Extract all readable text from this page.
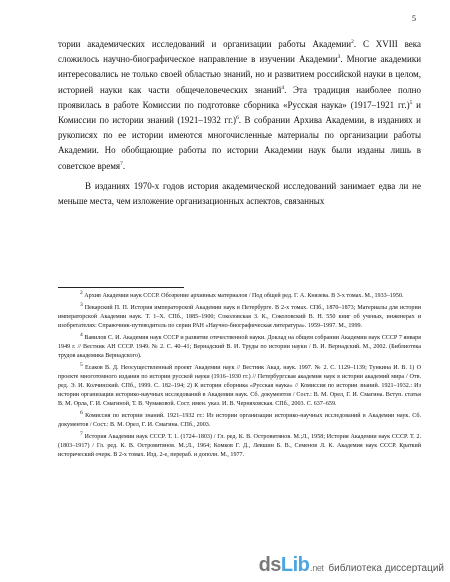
5

тории академических исследований и организации работы Академии$^2$. С XVIII века сложилось научно-биографическое направление в изучении Академии$^3$. Многие академики интересовались не только своей областью знаний, но и развитием российской науки в целом, историей науки как части общечеловеческих знаний$^4$. Эта традиция наиболее полно проявилась в работе Комиссии по подготовке сборника «Русская наука» (1917–1921 гг.)$^5$ и Комиссии по истории знаний (1921–1932 гг.)$^6$. В собрании Архива Академии, в изданиях и рукописях по ее истории имеются многочисленные материалы по организации работы Академии. Но обобщающие работы по истории Академии наук были изданы лишь в советское время$^7$.

В изданиях 1970-х годов история академической исследований занимает едва ли не меньше места, чем изложение организационных аспектов, связанных

$^2$ Архив Академии наук СССР. Обозрение архивных материалов / Под общей ред. Г. А. Князева. В 3-х томах. М., 1933–1950.

$^3$ Пекарский П. П. История императорской Академии наук в Петербурге. В 2-х томах. СПб., 1870–1873; Материалы для истории императорской Академии наук. Т. 1–Х. СПб., 1885–1900; Соколовская З. К., Соколовский В. Н. 550 книг об ученых, инженерах и изобретателях: Справочник-путеводитель по серии РАН «Научно-биографическая литература». 1959–1997. М., 1999.

$^4$ Вавилов С. И. Академия наук СССР и развитие отечественной науки. Доклад на общем собрании Академии наук СССР 7 января 1949 г. // Вестник АН СССР. 1949. № 2. С. 40–41; Вернадский В. И. Труды по истории науки / В. И. Вернадский. М., 2002. (Библиотека трудов академика Вернадского).

$^5$ Есаков В. Д. Неосуществленный проект Академии наук // Вестник Акад. наук. 1997. № 2. С. 1129–1139; Тункина И. В. 1) О проекте многотомного издания по истории русской науки (1916–1930 гг.) // Петербургская академия наук в истории академий мира / Отв. ред. Э. И. Колчинский. СПб., 1999. С. 182–194; 2) К истории сборника «Русская наука» // Комиссия по истории знаний. 1921–1932.: Из истории организации историко-научных исследований в Академии наук. Сб. документов / Сост.: В. М. Орел, Г. И. Смагина. Вступ. статья В. М. Орла, Г. И. Смагиной, Т. В. Чумаковой. Сост. имен. указ. И. В. Черняховская. СПб., 2003. С. 637–659.

$^6$ Комиссия по истории знаний. 1921–1932 гг.: Из истории организации историко-научных исследований в Академии наук. Сб. документов / Сост.: В. М. Орел, Г. И. Смагина. СПб., 2003.

$^7$ История Академии наук СССР. Т. 1. (1724–1803) / Гл. ред. К. В. Островитянов. М.;Л., 1958; История Академии наук СССР. Т. 2. (1803–1917) / Гл. ред. К. В. Островитянов. М.;Л., 1964; Комков Г. Д., Левшин Б. В., Семенов Л. К. Академия наук СССР. Краткий исторический очерк. В 2-х томах. Изд. 2-е, перераб. и дополн. М., 1977.

ds Lib .net библиотека диссертаций
